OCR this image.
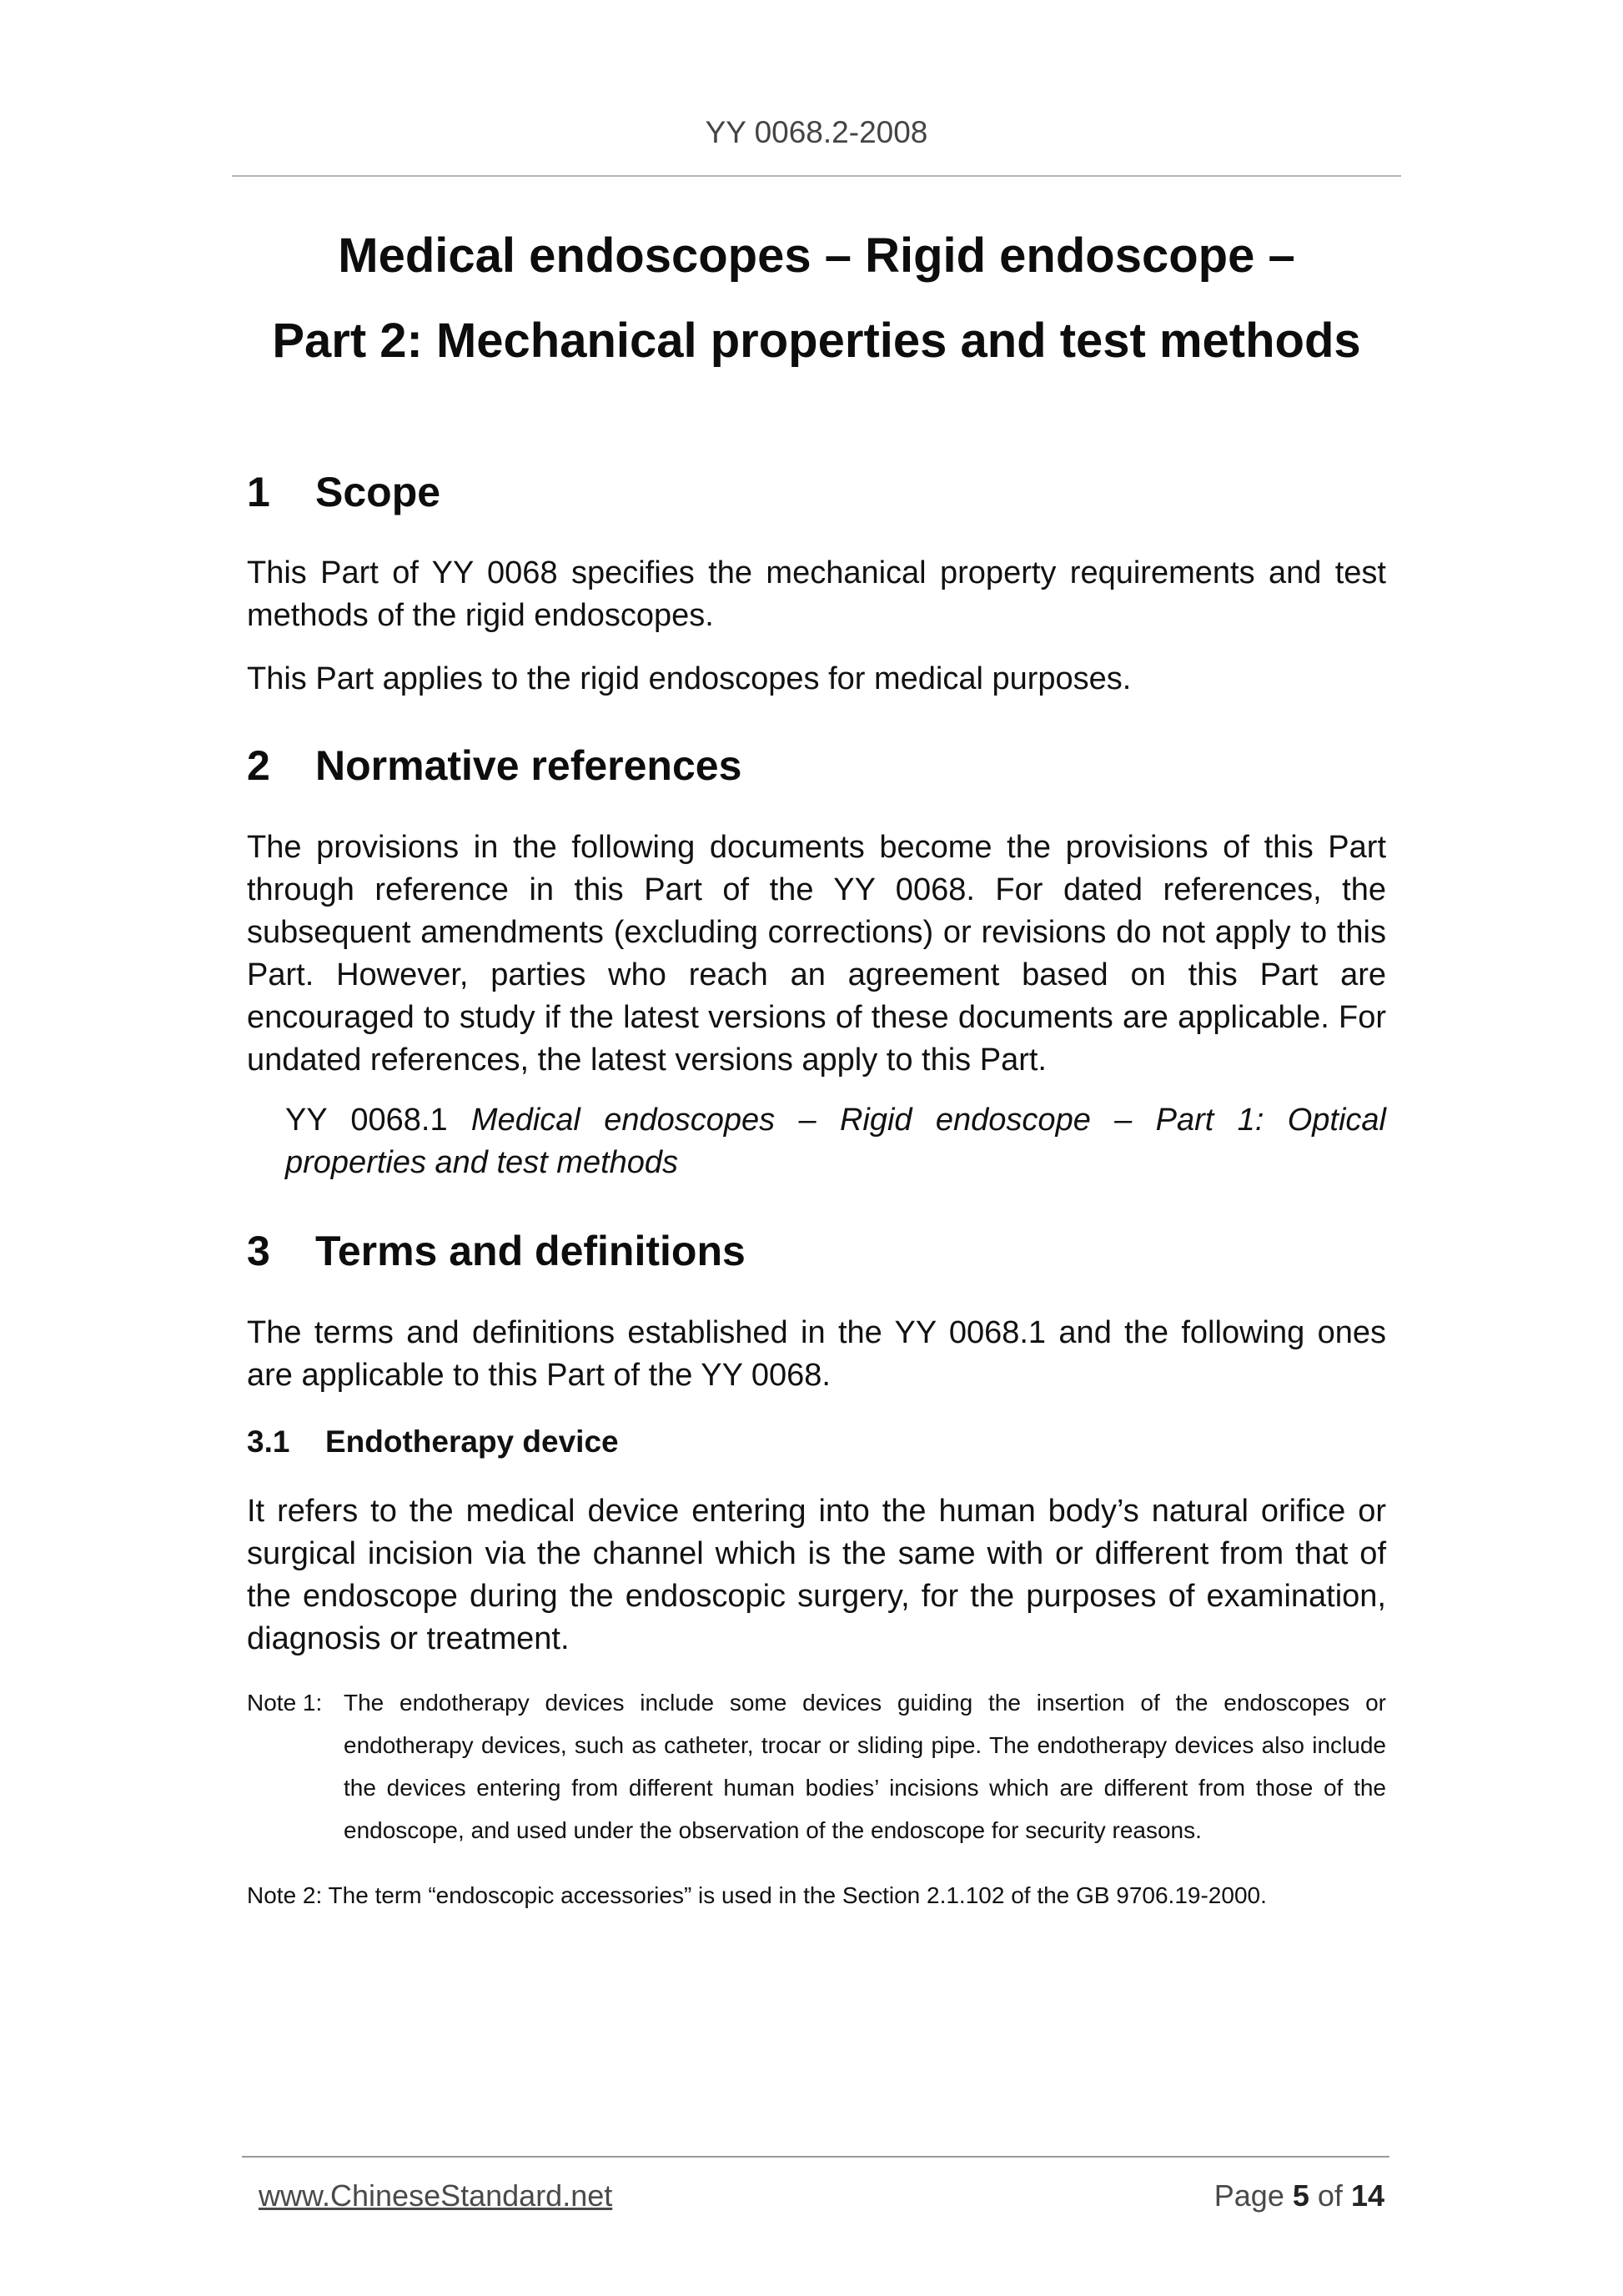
YY 0068.2-2008
Medical endoscopes – Rigid endoscope –
Part 2: Mechanical properties and test methods
1	Scope

This Part of YY 0068 specifies the mechanical property requirements and test methods of the rigid endoscopes.

This Part applies to the rigid endoscopes for medical purposes.

2	Normative references

The provisions in the following documents become the provisions of this Part through reference in this Part of the YY 0068. For dated references, the subsequent amendments (excluding corrections) or revisions do not apply to this Part. However, parties who reach an agreement based on this Part are encouraged to study if the latest versions of these documents are applicable. For undated references, the latest versions apply to this Part.

YY 0068.1 Medical endoscopes – Rigid endoscope – Part 1: Optical properties and test methods

3	Terms and definitions

The terms and definitions established in the YY 0068.1 and the following ones are applicable to this Part of the YY 0068.

3.1	Endotherapy device

It refers to the medical device entering into the human body’s natural orifice or surgical incision via the channel which is the same with or different from that of the endoscope during the endoscopic surgery, for the purposes of examination, diagnosis or treatment.

Note 1: The endotherapy devices include some devices guiding the insertion of the endoscopes or endotherapy devices, such as catheter, trocar or sliding pipe. The endotherapy devices also include the devices entering from different human bodies’ incisions which are different from those of the endoscope, and used under the observation of the endoscope for security reasons.
Note 2: The term “endoscopic accessories” is used in the Section 2.1.102 of the GB 9706.19-2000.
www.ChineseStandard.net	Page 5 of 14
